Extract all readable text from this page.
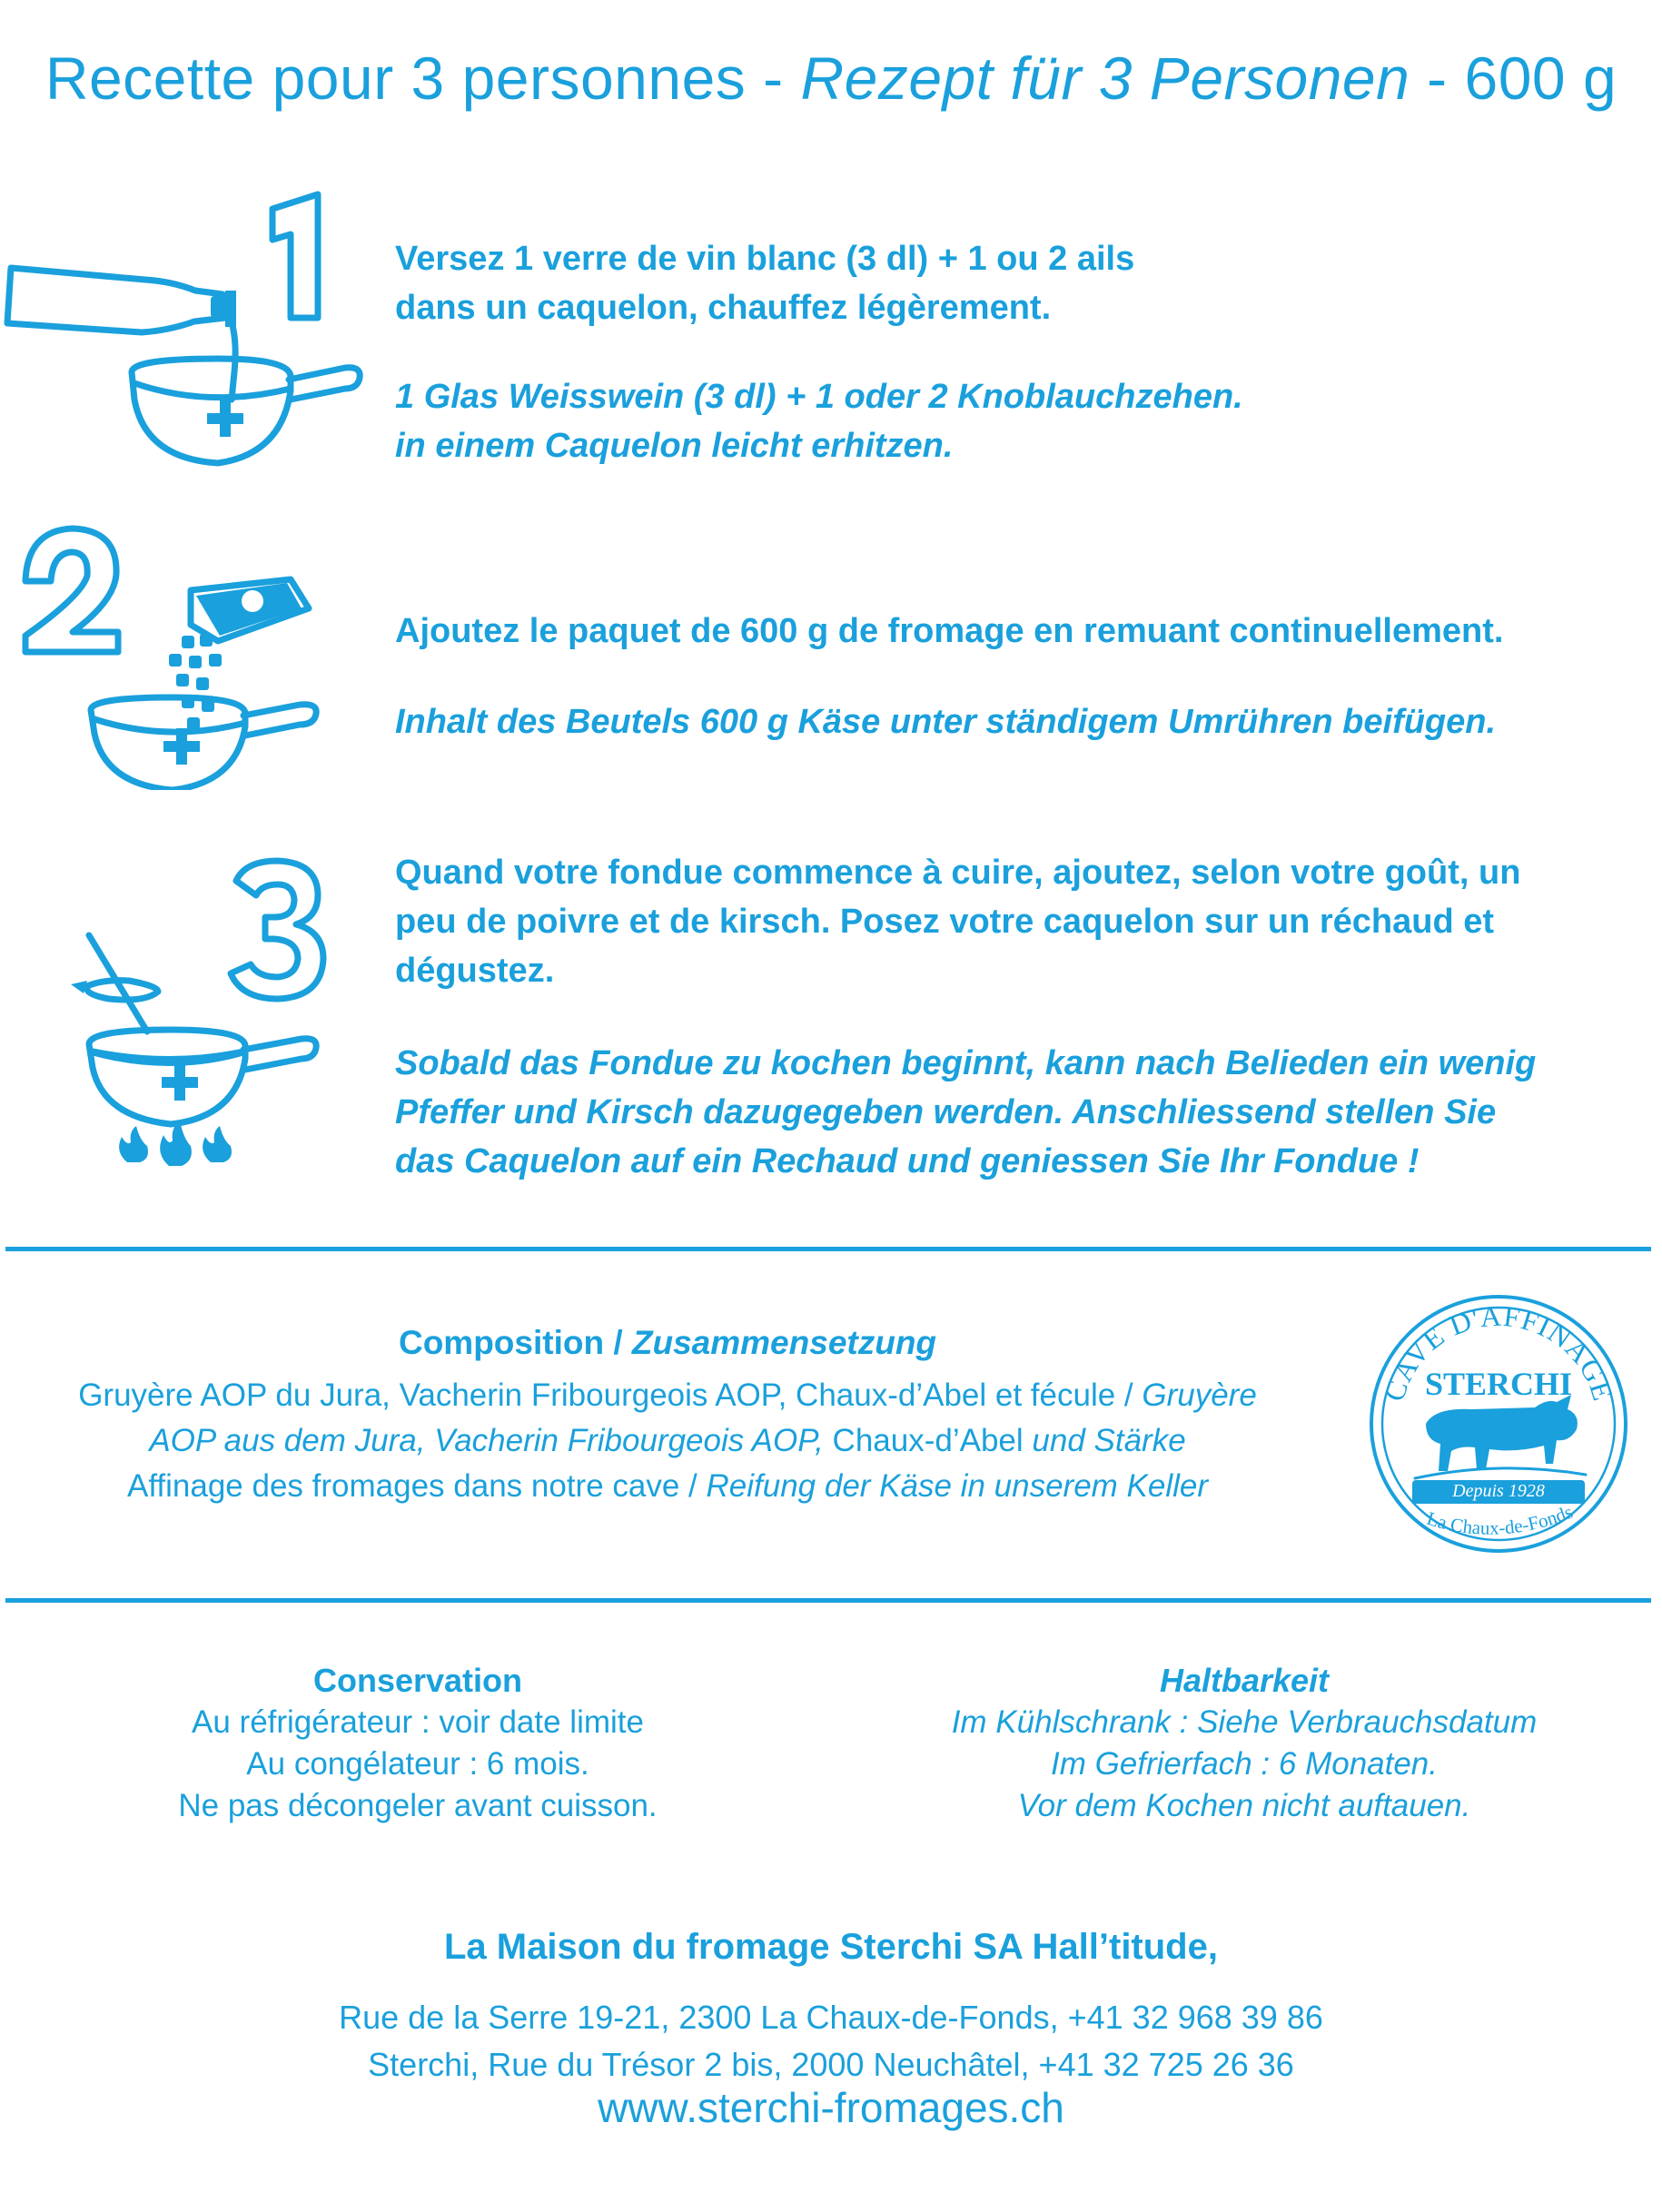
Recette pour 3 personnes - Rezept für 3 Personen - 600 g

Versez 1 verre de vin blanc (3 dl) + 1 ou 2 ails

dans un caquelon, chauffez légèrement.

1 Glas Weisswein (3 dl) + 1 oder 2 Knoblauchzehen.

in einem Caquelon leicht erhitzen.

Ajoutez le paquet de 600 g de fromage en remuant continuellement.

Inhalt des Beutels 600 g Käse unter ständigem Umrühren beifügen.

Quand votre fondue commence à cuire, ajoutez, selon votre goût, un

peu de poivre et de kirsch. Posez votre caquelon sur un réchaud et

dégustez.

Sobald das Fondue zu kochen beginnt, kann nach Belieden ein wenig

Pfeffer und Kirsch dazugegeben werden. Anschliessend stellen Sie

das Caquelon auf ein Rechaud und geniessen Sie Ihr Fondue !

Composition / Zusammensetzung
Gruyère AOP du Jura, Vacherin Fribourgeois AOP, Chaux-d’Abel et fécule / Gruyère
AOP aus dem Jura, Vacherin Fribourgeois AOP, Chaux-d’Abel und Stärke
Affinage des fromages dans notre cave / Reifung der Käse in unserem Keller
CAVE D'AFFINAGE
STERCHI
Depuis 1928
La Chaux-de-Fonds
Conservation
Au réfrigérateur : voir date limite
Au congélateur : 6 mois.
Ne pas décongeler avant cuisson.
Haltbarkeit
Im Kühlschrank : Siehe Verbrauchsdatum
Im Gefrierfach : 6 Monaten.
Vor dem Kochen nicht auftauen.
La Maison du fromage Sterchi SA Hall’titude,
Rue de la Serre 19-21, 2300 La Chaux-de-Fonds, +41 32 968 39 86
Sterchi, Rue du Trésor 2 bis, 2000 Neuchâtel, +41 32 725 26 36
www.sterchi-fromages.ch
